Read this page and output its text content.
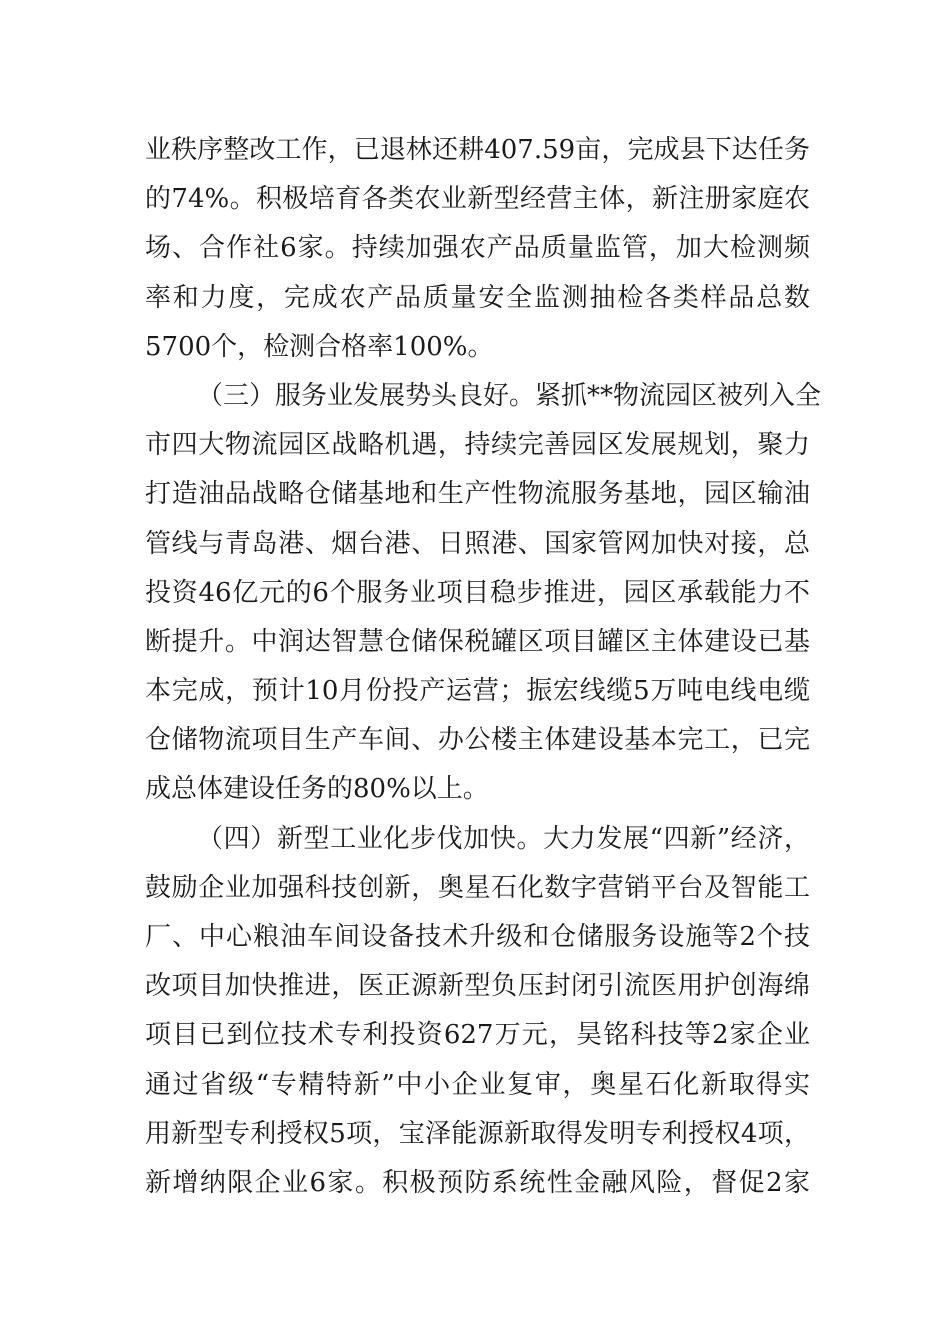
业秩序整改工作，已退林还耕407.59亩，完成县下达任务
的74%。积极培育各类农业新型经营主体，新注册家庭农
场、合作社6家。持续加强农产品质量监管，加大检测频
率和力度，完成农产品质量安全监测抽检各类样品总数
5700个，检测合格率100%。
（三）服务业发展势头良好。紧抓**物流园区被列入全
市四大物流园区战略机遇，持续完善园区发展规划，聚力
打造油品战略仓储基地和生产性物流服务基地，园区输油
管线与青岛港、烟台港、日照港、国家管网加快对接，总
投资46亿元的6个服务业项目稳步推进，园区承载能力不
断提升。中润达智慧仓储保税罐区项目罐区主体建设已基
本完成，预计10月份投产运营；振宏线缆5万吨电线电缆
仓储物流项目生产车间、办公楼主体建设基本完工，已完
成总体建设任务的80%以上。
（四）新型工业化步伐加快。大力发展“四新”经济，
鼓励企业加强科技创新，奥星石化数字营销平台及智能工
厂、中心粮油车间设备技术升级和仓储服务设施等2个技
改项目加快推进，医正源新型负压封闭引流医用护创海绵
项目已到位技术专利投资627万元，昊铭科技等2家企业
通过省级“专精特新”中小企业复审，奥星石化新取得实
用新型专利授权5项，宝泽能源新取得发明专利授权4项，
新增纳限企业6家。积极预防系统性金融风险，督促2家
